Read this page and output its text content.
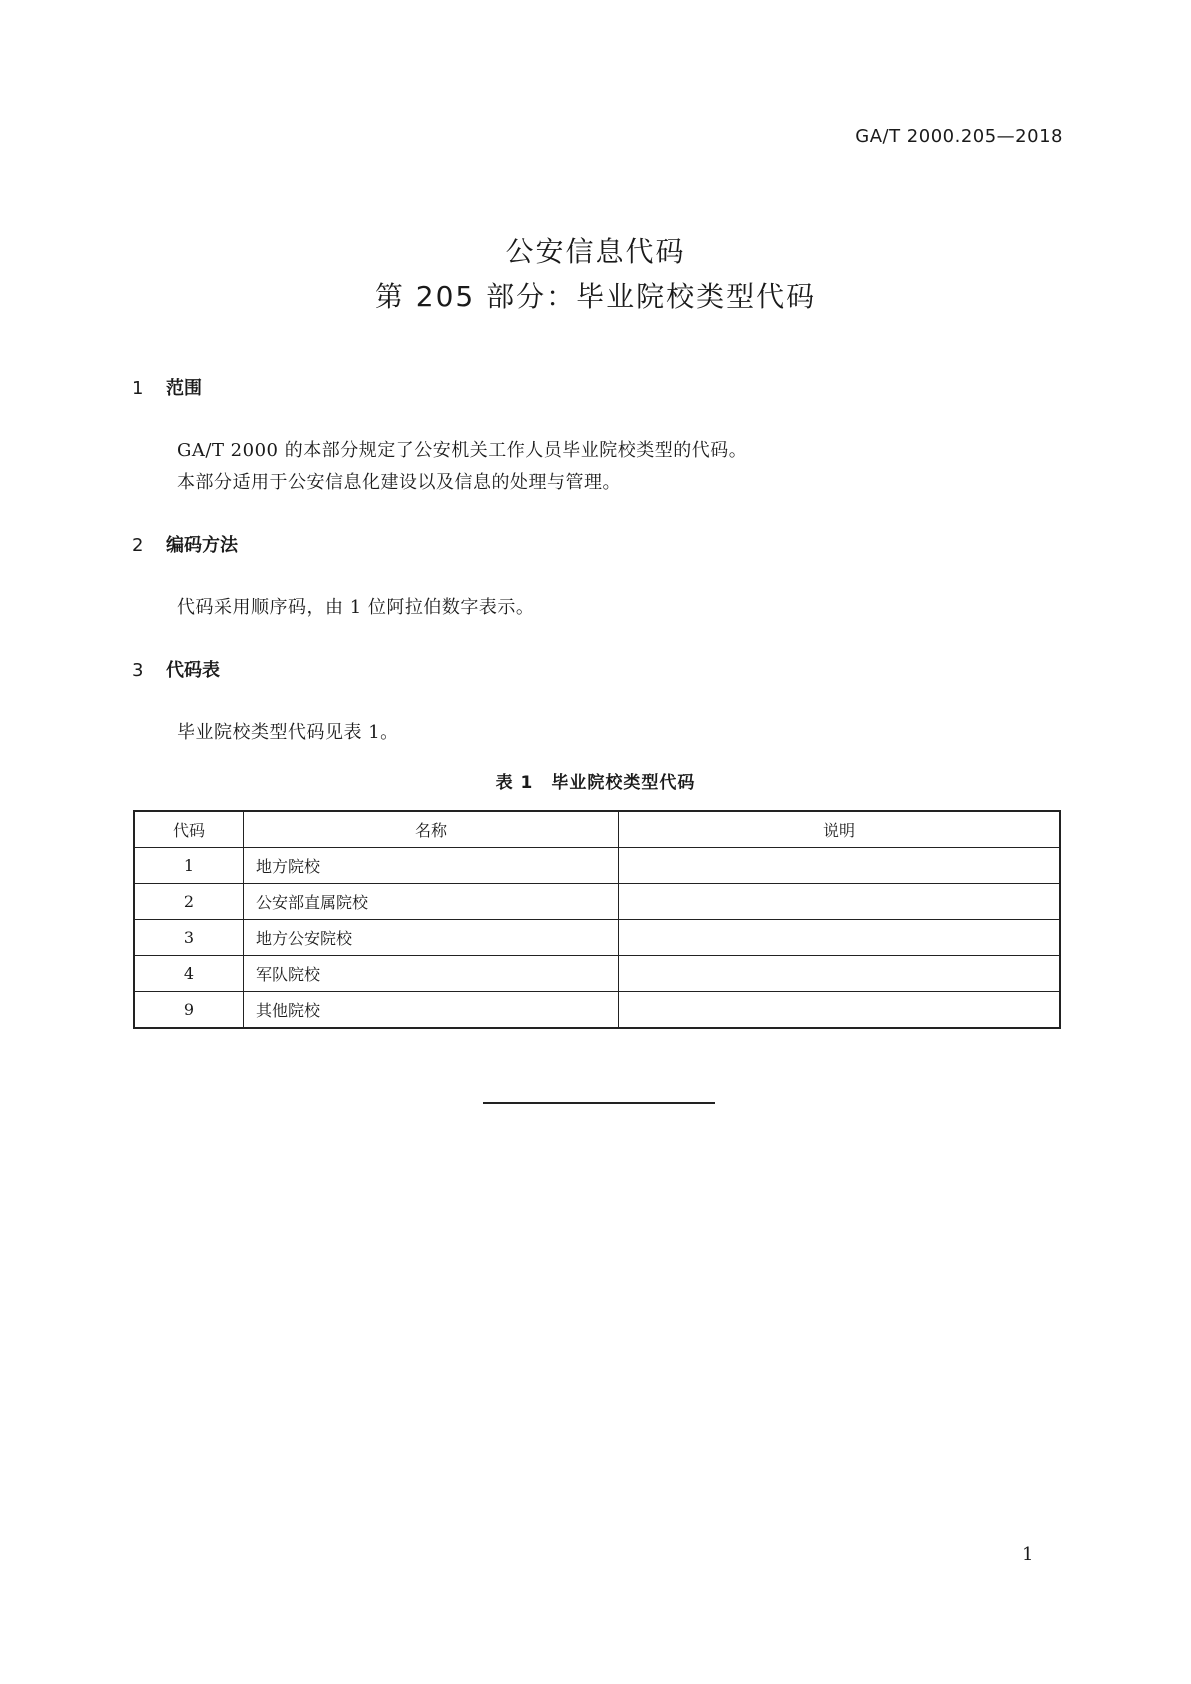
GA/T 2000.205—2018
公安信息代码
第 205 部分：毕业院校类型代码
1 范围
GA/T 2000 的本部分规定了公安机关工作人员毕业院校类型的代码。
本部分适用于公安信息化建设以及信息的处理与管理。
2 编码方法
代码采用顺序码，由 1 位阿拉伯数字表示。
3 代码表
毕业院校类型代码见表 1。
表 1　毕业院校类型代码
代码	名称	说明
1	地方院校	
2	公安部直属院校	
3	地方公安院校	
4	军队院校	
9	其他院校	
1
